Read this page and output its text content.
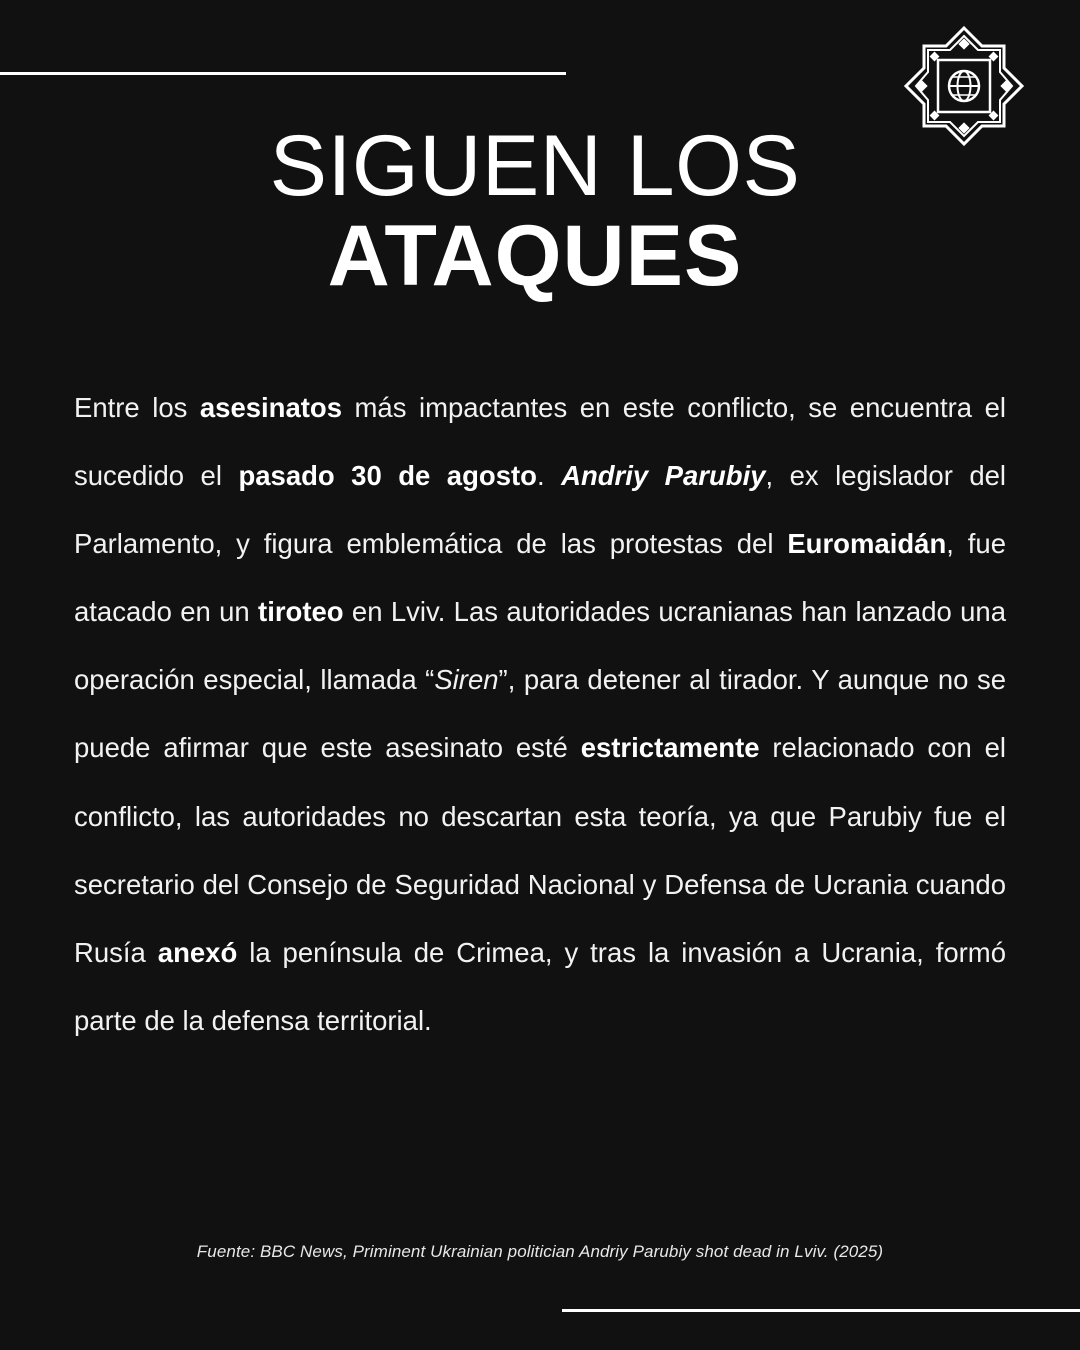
SIGUEN LOS
ATAQUES

Entre los asesinatos más impactantes en este conflicto, se encuentra el sucedido el pasado 30 de agosto. Andriy Parubiy, ex legislador del Parlamento, y figura emblemática de las protestas del Euromaidán, fue atacado en un tiroteo en Lviv. Las autoridades ucranianas han lanzado una operación especial, llamada “Siren”, para detener al tirador. Y aunque no se puede afirmar que este asesinato esté estrictamente relacionado con el conflicto, las autoridades no descartan esta teoría, ya que Parubiy fue el secretario del Consejo de Seguridad Nacional y Defensa de Ucrania cuando Rusía anexó la península de Crimea, y tras la invasión a Ucrania, formó parte de la defensa territorial.

Fuente: BBC News, Priminent Ukrainian politician Andriy Parubiy shot dead in Lviv. (2025)
